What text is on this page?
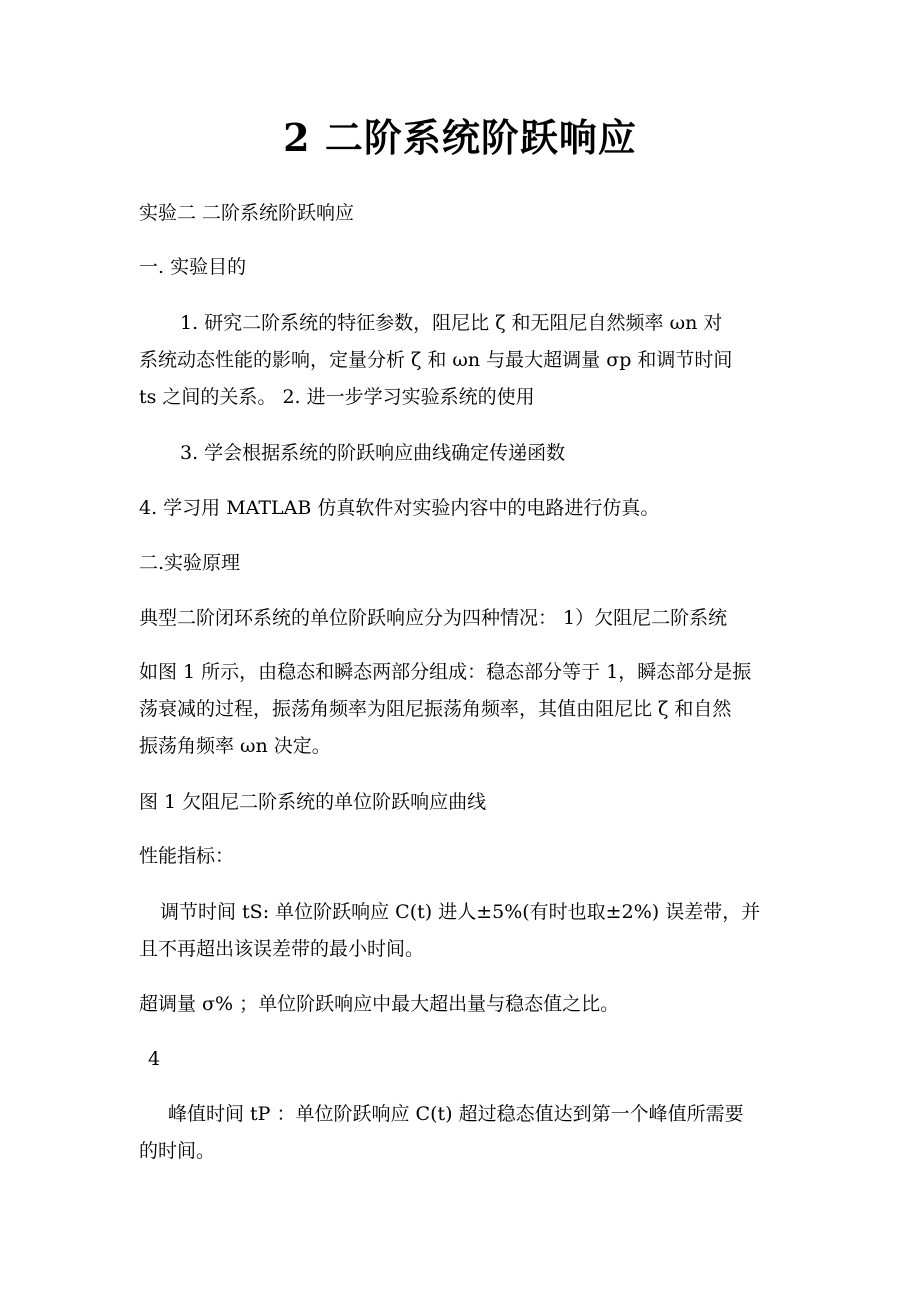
2 二阶系统阶跃响应
实验二 二阶系统阶跃响应
一. 实验目的
1. 研究二阶系统的特征参数，阻尼比 ζ 和无阻尼自然频率 ωn 对
系统动态性能的影响，定量分析 ζ 和 ωn 与最大超调量 σp 和调节时间
ts 之间的关系。 2. 进一步学习实验系统的使用
3. 学会根据系统的阶跃响应曲线确定传递函数
4. 学习用 MATLAB 仿真软件对实验内容中的电路进行仿真。
二.实验原理
典型二阶闭环系统的单位阶跃响应分为四种情况： 1）欠阻尼二阶系统
如图 1 所示，由稳态和瞬态两部分组成：稳态部分等于 1，瞬态部分是振
荡衰减的过程，振荡角频率为阻尼振荡角频率，其值由阻尼比 ζ 和自然
振荡角频率 ωn 决定。
图 1 欠阻尼二阶系统的单位阶跃响应曲线
性能指标：
调节时间 tS: 单位阶跃响应 C(t) 进人±5%(有时也取±2%) 误差带，并
且不再超出该误差带的最小时间。
超调量 σ% ；单位阶跃响应中最大超出量与稳态值之比。
4
峰值时间 tP ：单位阶跃响应 C(t) 超过稳态值达到第一个峰值所需要
的时间。
